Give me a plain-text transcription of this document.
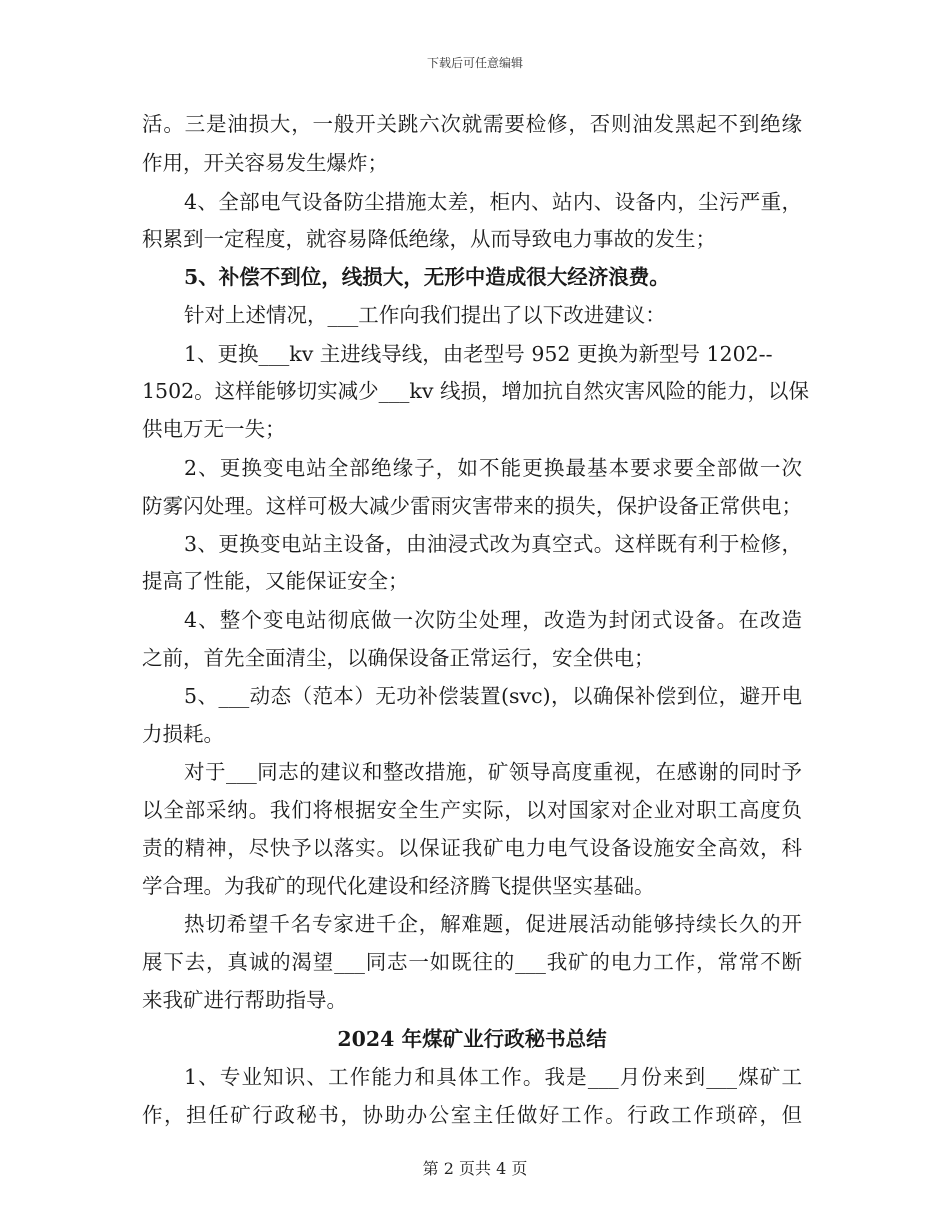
下载后可任意编辑
活。三是油损大，一般开关跳六次就需要检修，否则油发黑起不到绝缘
作用，开关容易发生爆炸；
4、全部电气设备防尘措施太差，柜内、站内、设备内，尘污严重，
积累到一定程度，就容易降低绝缘，从而导致电力事故的发生；
5、补偿不到位，线损大，无形中造成很大经济浪费。
针对上述情况，___工作向我们提出了以下改进建议：
1、更换___kv 主进线导线，由老型号 952 更换为新型号 1202--
1502。这样能够切实减少___kv 线损，增加抗自然灾害风险的能力，以保
供电万无一失；
2、更换变电站全部绝缘子，如不能更换最基本要求要全部做一次
防雾闪处理。这样可极大减少雷雨灾害带来的损失，保护设备正常供电；
3、更换变电站主设备，由油浸式改为真空式。这样既有利于检修，
提高了性能，又能保证安全；
4、整个变电站彻底做一次防尘处理，改造为封闭式设备。在改造
之前，首先全面清尘，以确保设备正常运行，安全供电；
5、___动态（范本）无功补偿装置(svc)，以确保补偿到位，避开电
力损耗。
对于___同志的建议和整改措施，矿领导高度重视，在感谢的同时予
以全部采纳。我们将根据安全生产实际，以对国家对企业对职工高度负
责的精神，尽快予以落实。以保证我矿电力电气设备设施安全高效，科
学合理。为我矿的现代化建设和经济腾飞提供坚实基础。
热切希望千名专家进千企，解难题，促进展活动能够持续长久的开
展下去，真诚的渴望___同志一如既往的___我矿的电力工作，常常不断
来我矿进行帮助指导。
2024 年煤矿业行政秘书总结
1、专业知识、工作能力和具体工作。我是___月份来到___煤矿工
作，担任矿行政秘书，协助办公室主任做好工作。行政工作琐碎，但
第 2 页共 4 页
